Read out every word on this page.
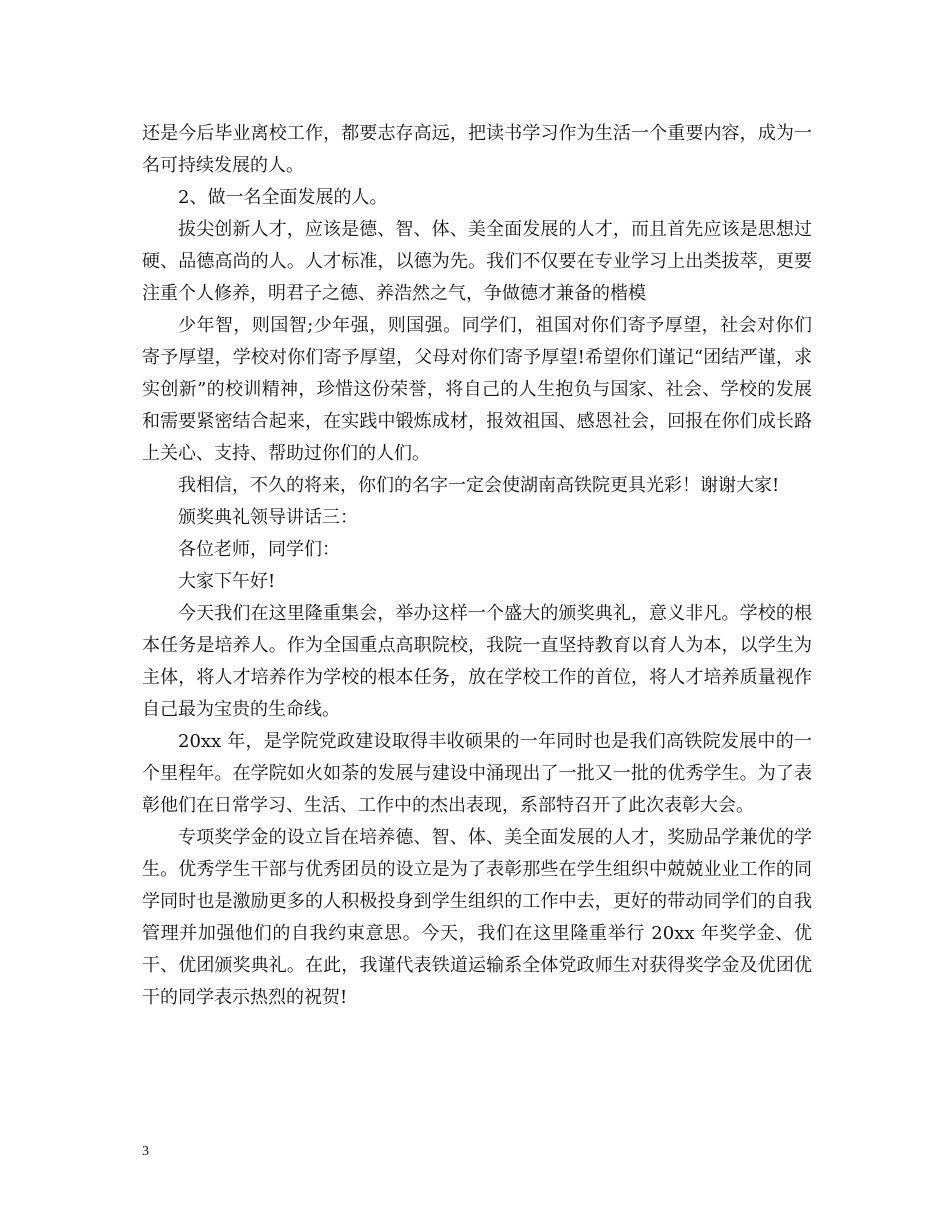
还是今后毕业离校工作，都要志存高远，把读书学习作为生活一个重要内容，成为一名可持续发展的人。

2、做一名全面发展的人。

拔尖创新人才，应该是德、智、体、美全面发展的人才，而且首先应该是思想过硬、品德高尚的人。人才标准，以德为先。我们不仅要在专业学习上出类拔萃，更要注重个人修养，明君子之德、养浩然之气，争做德才兼备的楷模

少年智，则国智;少年强，则国强。同学们，祖国对你们寄予厚望，社会对你们寄予厚望，学校对你们寄予厚望，父母对你们寄予厚望!希望你们谨记“团结严谨，求实创新”的校训精神，珍惜这份荣誉，将自己的人生抱负与国家、社会、学校的发展和需要紧密结合起来，在实践中锻炼成材，报效祖国、感恩社会，回报在你们成长路上关心、支持、帮助过你们的人们。

我相信，不久的将来，你们的名字一定会使湖南高铁院更具光彩！谢谢大家!

颁奖典礼领导讲话三：

各位老师，同学们：

大家下午好!

今天我们在这里隆重集会，举办这样一个盛大的颁奖典礼，意义非凡。学校的根本任务是培养人。作为全国重点高职院校，我院一直坚持教育以育人为本，以学生为主体，将人才培养作为学校的根本任务，放在学校工作的首位，将人才培养质量视作自己最为宝贵的生命线。

20xx 年，是学院党政建设取得丰收硕果的一年同时也是我们高铁院发展中的一个里程年。在学院如火如荼的发展与建设中涌现出了一批又一批的优秀学生。为了表彰他们在日常学习、生活、工作中的杰出表现，系部特召开了此次表彰大会。

专项奖学金的设立旨在培养德、智、体、美全面发展的人才，奖励品学兼优的学生。优秀学生干部与优秀团员的设立是为了表彰那些在学生组织中兢兢业业工作的同学同时也是激励更多的人积极投身到学生组织的工作中去，更好的带动同学们的自我管理并加强他们的自我约束意思。今天，我们在这里隆重举行 20xx 年奖学金、优干、优团颁奖典礼。在此，我谨代表铁道运输系全体党政师生对获得奖学金及优团优干的同学表示热烈的祝贺!

3
